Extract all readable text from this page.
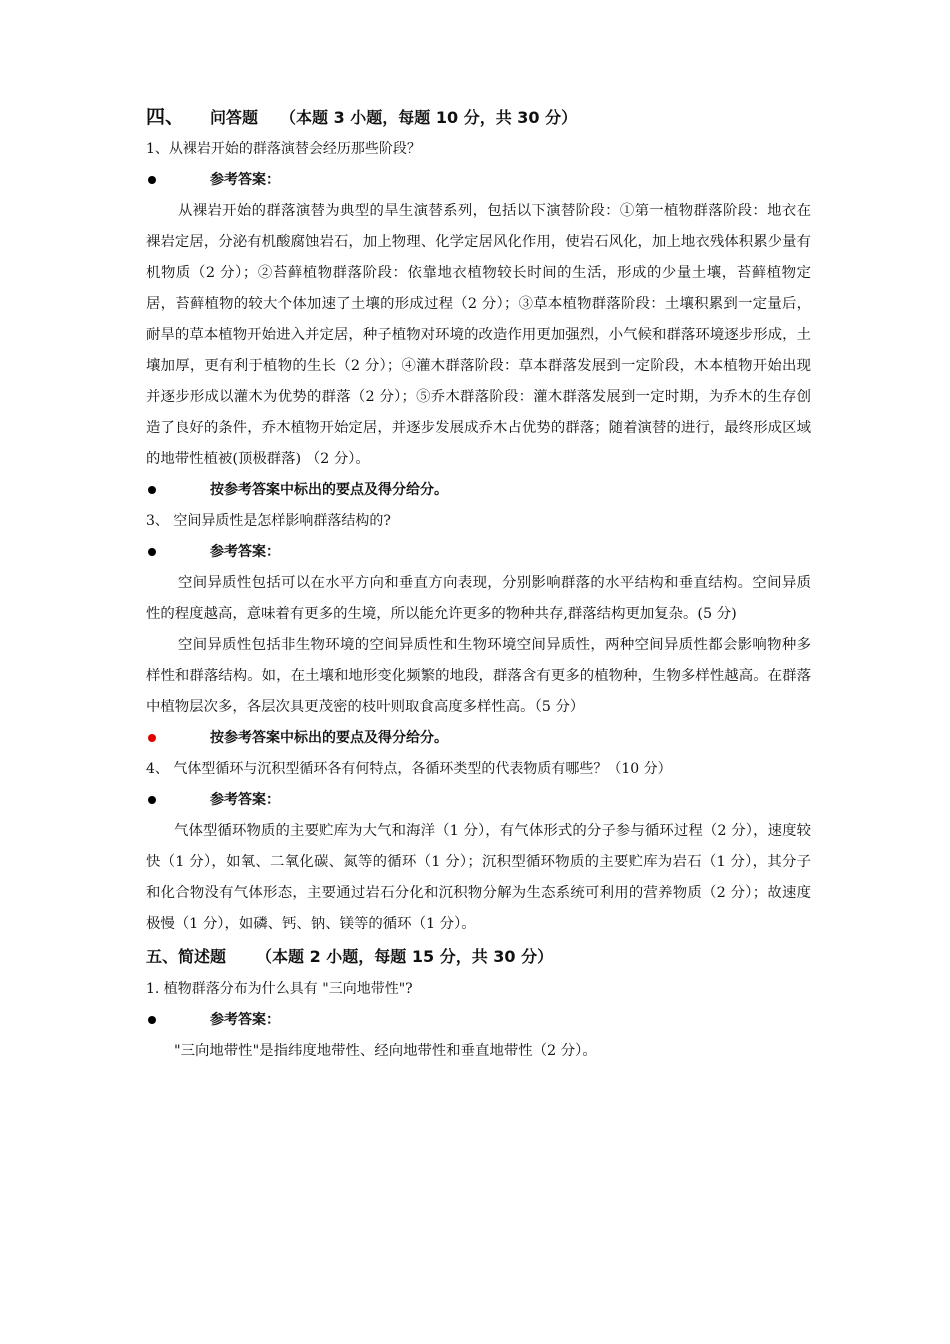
四、 问答题 （本题 3 小题，每题 10 分，共 30 分）
1、从裸岩开始的群落演替会经历那些阶段？
参考答案：
从裸岩开始的群落演替为典型的旱生演替系列，包括以下演替阶段：①第一植物群落阶段：地衣在裸岩定居，分泌有机酸腐蚀岩石，加上物理、化学定居风化作用，使岩石风化，加上地衣残体积累少量有机物质（2 分）；②苔藓植物群落阶段：依靠地衣植物较长时间的生活，形成的少量土壤，苔藓植物定居，苔藓植物的较大个体加速了土壤的形成过程（2 分）；③草本植物群落阶段：土壤积累到一定量后，耐旱的草本植物开始进入并定居，种子植物对环境的改造作用更加强烈，小气候和群落环境逐步形成，土壤加厚，更有利于植物的生长（2 分）；④灌木群落阶段：草本群落发展到一定阶段，木本植物开始出现并逐步形成以灌木为优势的群落（2 分）；⑤乔木群落阶段：灌木群落发展到一定时期，为乔木的生存创造了良好的条件，乔木植物开始定居，并逐步发展成乔木占优势的群落；随着演替的进行，最终形成区域的地带性植被(顶极群落) （2 分）。
按参考答案中标出的要点及得分给分。
3、 空间异质性是怎样影响群落结构的?
参考答案：
空间异质性包括可以在水平方向和垂直方向表现，分别影响群落的水平结构和垂直结构。空间异质性的程度越高，意味着有更多的生境，所以能允许更多的物种共存,群落结构更加复杂。(5 分)
空间异质性包括非生物环境的空间异质性和生物环境空间异质性，两种空间异质性都会影响物种多样性和群落结构。如，在土壤和地形变化频繁的地段，群落含有更多的植物种，生物多样性越高。在群落中植物层次多，各层次具更茂密的枝叶则取食高度多样性高。（5 分）
按参考答案中标出的要点及得分给分。
4、 气体型循环与沉积型循环各有何特点，各循环类型的代表物质有哪些？（10 分）
参考答案：
气体型循环物质的主要贮库为大气和海洋（1 分），有气体形式的分子参与循环过程（2 分），速度较快（1 分），如氧、二氧化碳、氮等的循环（1 分）；沉积型循环物质的主要贮库为岩石（1 分），其分子和化合物没有气体形态，主要通过岩石分化和沉积物分解为生态系统可利用的营养物质（2 分）；故速度极慢（1 分），如磷、钙、钠、镁等的循环（1 分）。
五、简述题 （本题 2 小题，每题 15 分，共 30 分）
1. 植物群落分布为什么具有 "三向地带性"?
参考答案：
"三向地带性"是指纬度地带性、经向地带性和垂直地带性（2 分）。
